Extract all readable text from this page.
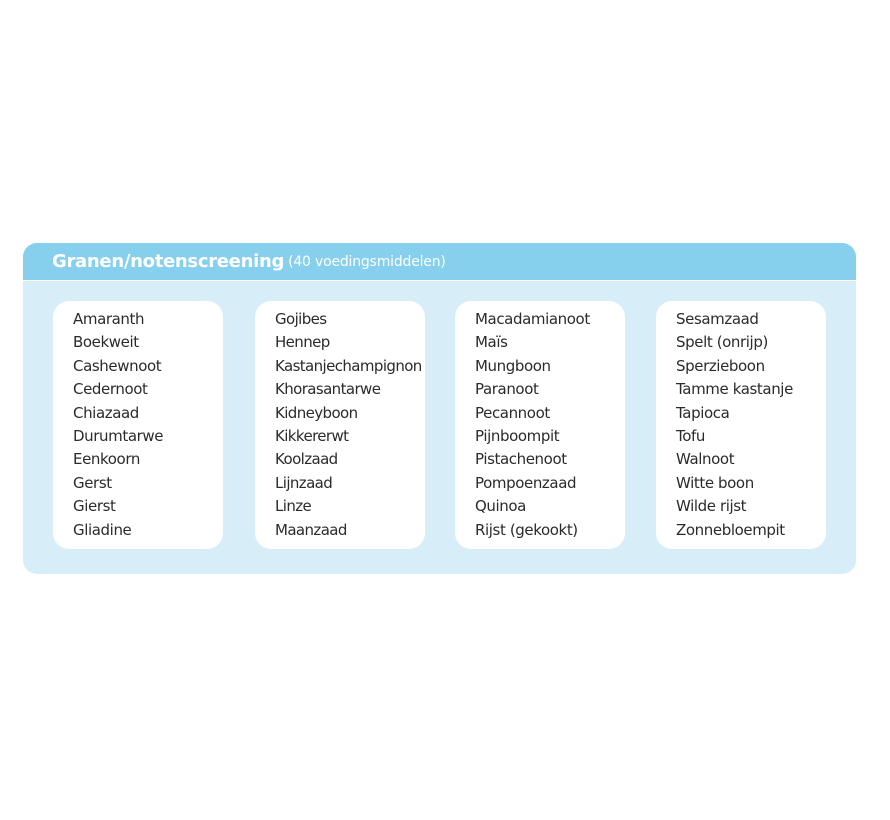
Granen/notenscreening (40 voedingsmiddelen)
Amaranth
Boekweit
Cashewnoot
Cedernoot
Chiazaad
Durumtarwe
Eenkoorn
Gerst
Gierst
Gliadine
Gojibes
Hennep
Kastanjechampignon
Khorasantarwe
Kidneyboon
Kikkererwt
Koolzaad
Lijnzaad
Linze
Maanzaad
Macadamianoot
Maïs
Mungboon
Paranoot
Pecannoot
Pijnboompit
Pistachenoot
Pompoenzaad
Quinoa
Rijst (gekookt)
Sesamzaad
Spelt (onrijp)
Sperzieboon
Tamme kastanje
Tapioca
Tofu
Walnoot
Witte boon
Wilde rijst
Zonnebloempit
